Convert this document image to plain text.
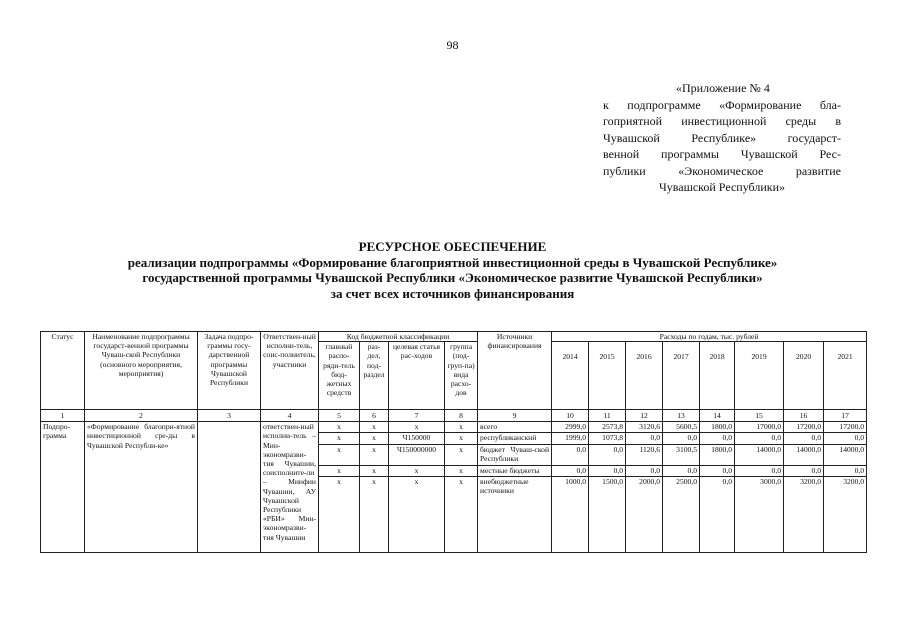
98
«Приложение № 4
к подпрограмме «Формирование бла-
гоприятной инвестиционной среды в
Чувашской Республике» государст-
венной программы Чувашской Рес-
публики «Экономическое развитие
Чувашской Республики»
РЕСУРСНОЕ ОБЕСПЕЧЕНИЕ
реализации подпрограммы «Формирование благоприятной инвестиционной среды в Чувашской Республике»
государственной программы Чувашской Республики «Экономическое развитие Чувашской Республики»
за счет всех источников финансирования
Статус	Наименование подпрограммы государст-венной программы Чуваш-ской Республики (основного мероприятия, мероприятия)	Задача подпро-граммы госу-дарственной программы Чувашской Республики	Ответствен-ный исполни-тель, соис-полнитель, участники	Код бюджетной классификации				Источники финансирования	Расходы по годам, тыс. рублей							
				главный распо-ряди-тель бюд-жетных средств	раз-дел, под-раздел	целевая статья рас-ходов	группа (под-груп-па) вида расхо-дов		2014	2015	2016	2017	2018	2019	2020	2021
1	2	3	4	5	6	7	8	9	10	11	12	13	14	15	16	17
Подпро-грамма	«Формирование благопри-ятной инвестиционной сре-ды в Чувашской Республи-ке»		ответствен-ный исполни-тель – Мин-экономразви-тия Чувашии, соисполните-ли – Минфин Чувашии, АУ Чувашской Республики «РБИ» Мин-экономразви-тия Чувашии	х	х	х	х	всего	2999,0	2573,8	3120,6	5600,5	1800,0	17000,0	17200,0	17200,0
				х	х	Ч150000	х	республиканский	1999,0	1073,8	0,0	0,0	0,0	0,0	0,0	0,0
				х	х	Ч150000000	х	бюджет Чуваш-ской Республики	0,0	0,0	1120,6	3100,5	1800,0	14000,0	14000,0	14000,0
				х	х	х	х	местные бюджеты	0,0	0,0	0,0	0,0	0,0	0,0	0,0	0,0
				х	х	х	х	внебюджетные источники	1000,0	1500,0	2000,0	2500,0	0,0	3000,0	3200,0	3200,0
